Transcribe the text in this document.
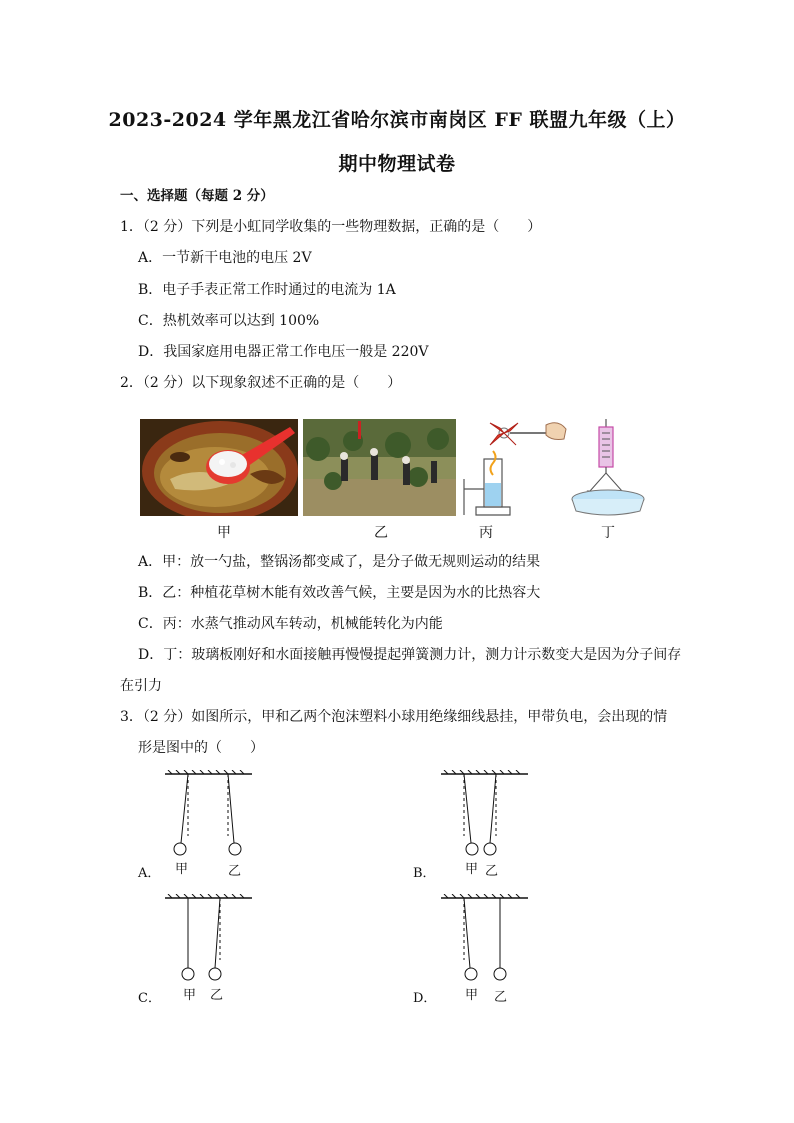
2023-2024 学年黑龙江省哈尔滨市南岗区 FF 联盟九年级（上）
期中物理试卷
一、选择题（每题 2 分）
1．（2 分）下列是小虹同学收集的一些物理数据，正确的是（　　）
A．一节新干电池的电压 2V
B．电子手表正常工作时通过的电流为 1A
C．热机效率可以达到 100%
D．我国家庭用电器正常工作电压一般是 220V
2．（2 分）以下现象叙述不正确的是（　　）
甲	乙	丙	丁
A．甲：放一勺盐，整锅汤都变咸了，是分子做无规则运动的结果
B．乙：种植花草树木能有效改善气候，主要是因为水的比热容大
C．丙：水蒸气推动风车转动，机械能转化为内能
D．丁：玻璃板刚好和水面接触再慢慢提起弹簧测力计，测力计示数变大是因为分子间存
在引力
3．（2 分）如图所示，甲和乙两个泡沫塑料小球用绝缘细线悬挂，甲带负电，会出现的情
形是图中的（　　）
A． 甲	乙	B． 甲 乙
C． 甲 乙	D． 甲 乙
